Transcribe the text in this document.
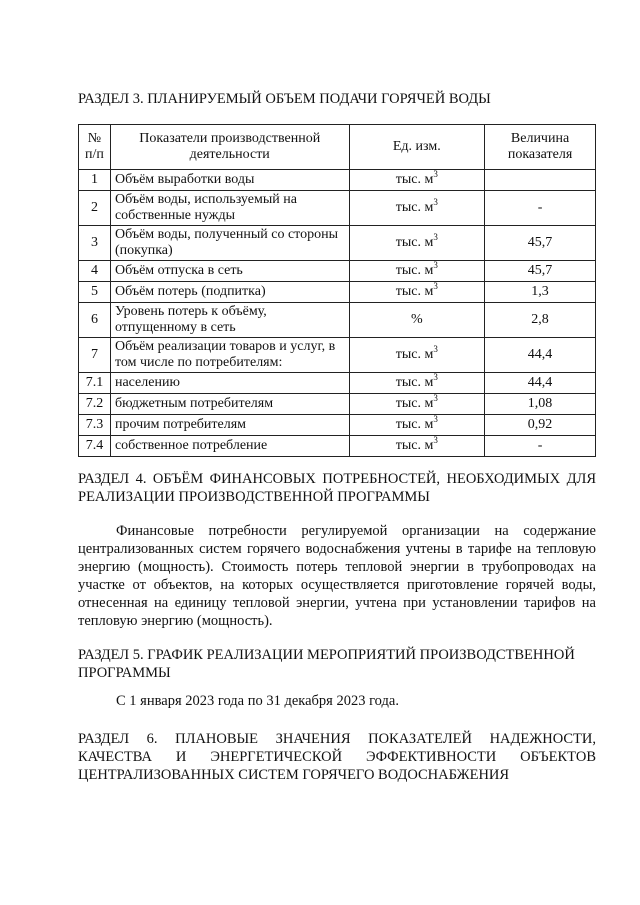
РАЗДЕЛ 3. ПЛАНИРУЕМЫЙ ОБЪЕМ ПОДАЧИ ГОРЯЧЕЙ ВОДЫ

№ п/п	Показатели производственной деятельности	Ед. изм.	Величина показателя
1	Объём выработки воды	тыс. $м^3$	
2	Объём воды, используемый на собственные нужды	тыс. $м^3$	-
3	Объём воды, полученный со стороны (покупка)	тыс. $м^3$	45,7
4	Объём отпуска в сеть	тыс. $м^3$	45,7
5	Объём потерь (подпитка)	тыс. $м^3$	1,3
6	Уровень потерь к объёму, отпущенному в сеть	%	2,8
7	Объём реализации товаров и услуг, в том числе по потребителям:	тыс. $м^3$	44,4
7.1	населению	тыс. $м^3$	44,4
7.2	бюджетным потребителям	тыс. $м^3$	1,08
7.3	прочим потребителям	тыс. $м^3$	0,92
7.4	собственное потребление	тыс. $м^3$	-

РАЗДЕЛ 4. ОБЪЁМ ФИНАНСОВЫХ ПОТРЕБНОСТЕЙ, НЕОБХОДИМЫХ ДЛЯ РЕАЛИЗАЦИИ ПРОИЗВОДСТВЕННОЙ ПРОГРАММЫ

Финансовые потребности регулируемой организации на содержание централизованных систем горячего водоснабжения учтены в тарифе на тепловую энергию (мощность). Стоимость потерь тепловой энергии в трубопроводах на участке от объектов, на которых осуществляется приготовление горячей воды, отнесенная на единицу тепловой энергии, учтена при установлении тарифов на тепловую энергию (мощность).

РАЗДЕЛ 5. ГРАФИК РЕАЛИЗАЦИИ МЕРОПРИЯТИЙ ПРОИЗВОДСТВЕННОЙ ПРОГРАММЫ

С 1 января 2023 года по 31 декабря 2023 года.

РАЗДЕЛ 6. ПЛАНОВЫЕ ЗНАЧЕНИЯ ПОКАЗАТЕЛЕЙ НАДЕЖНОСТИ, КАЧЕСТВА И ЭНЕРГЕТИЧЕСКОЙ ЭФФЕКТИВНОСТИ ОБЪЕКТОВ ЦЕНТРАЛИЗОВАННЫХ СИСТЕМ ГОРЯЧЕГО ВОДОСНАБЖЕНИЯ
